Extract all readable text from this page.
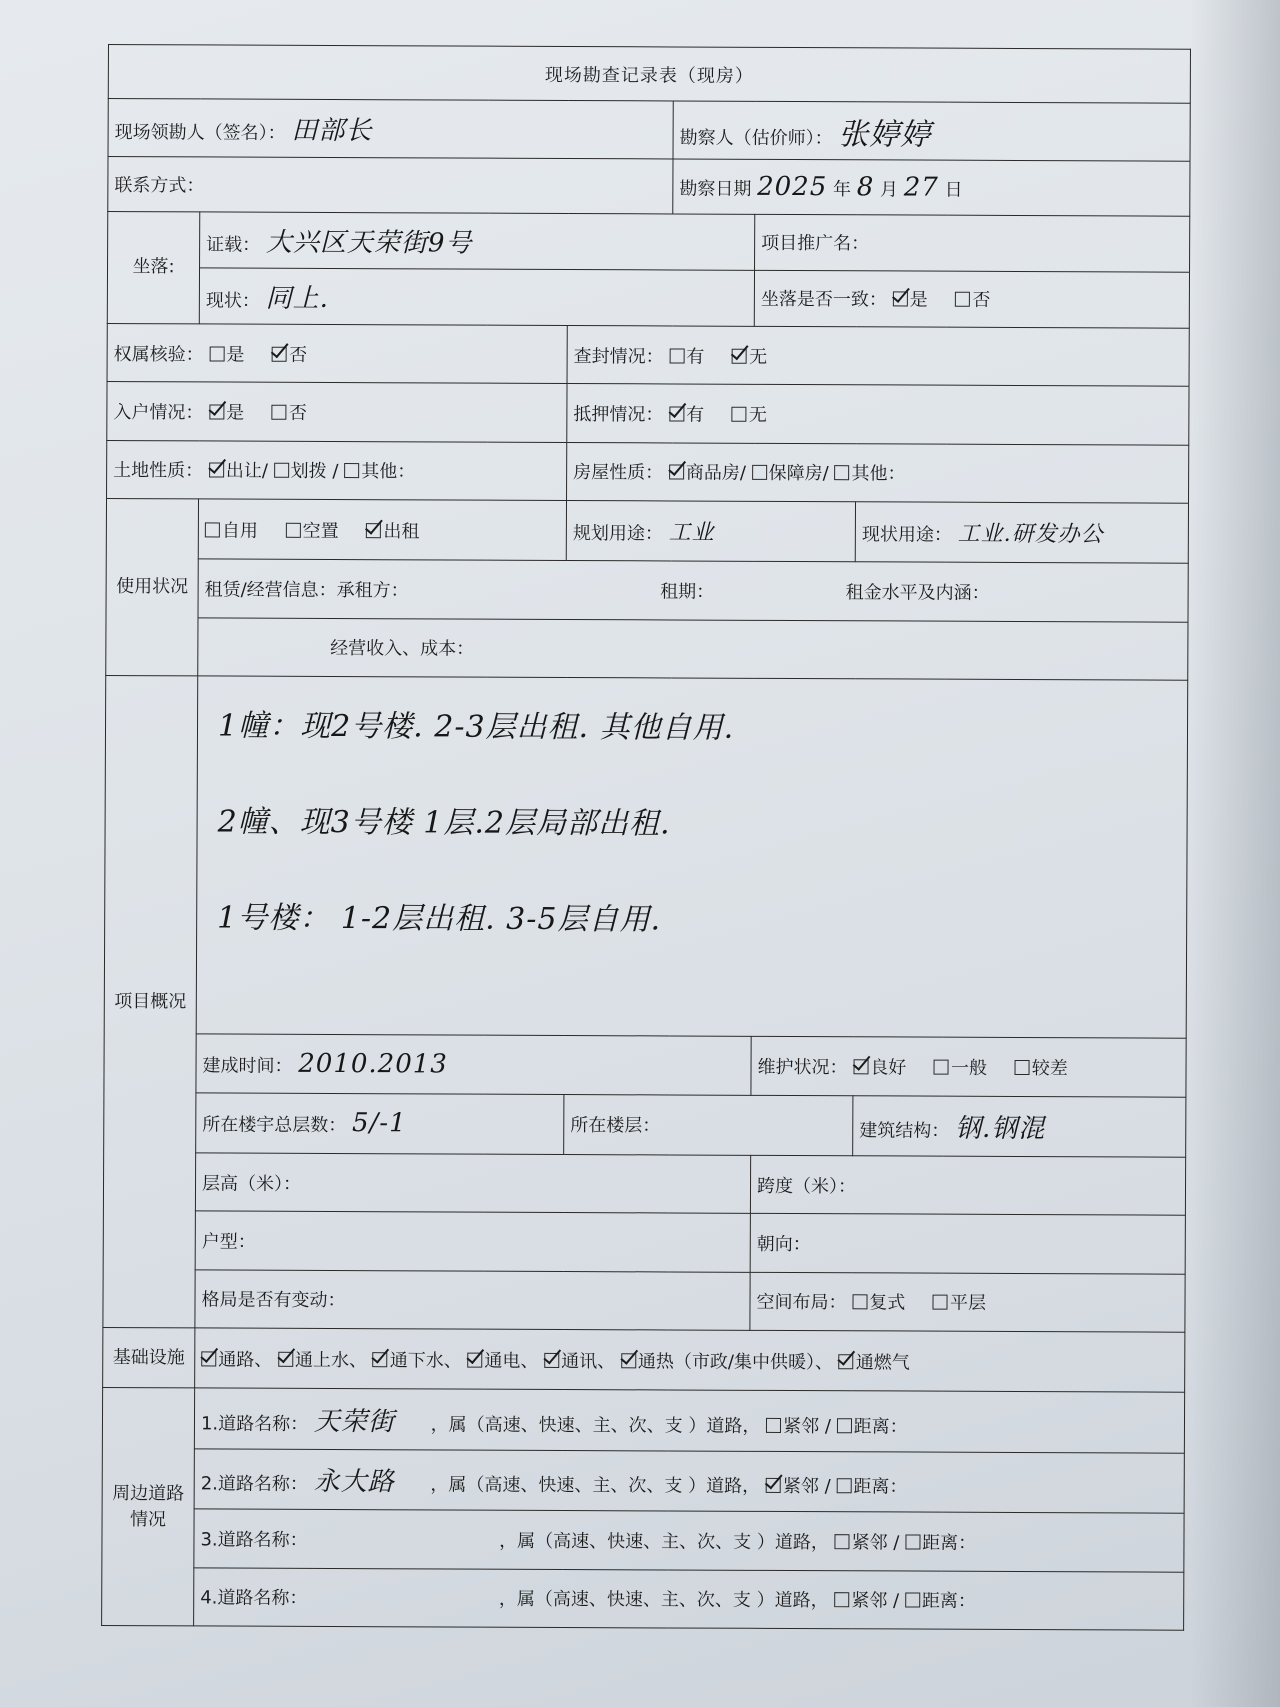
现场勘查记录表（现房）					
现场领勘人（签名）： 田部长			勘察人（估价师）： 张婷婷		
联系方式：			勘察日期 2025 年 8 月 27 日		
坐落:	证载： 大兴区天荣街9号			项目推广名：	
	现状： 同上.			坐落是否一致： 是 否	
权属核验： 是 否		查封情况： 有 无			
入户情况： 是 否		抵押情况： 有 无			
土地性质： 出让/ 划拨 / 其他：		房屋性质： 商品房/ 保障房/ 其他：			
使用状况	自用 空置 出租	规划用途： 工业			现状用途： 工业.研发办公
	租赁/经营信息：承租方： 租期： 租金水平及内涵：				
	经营收入、成本：				
项目概况	1幢：现2号楼. 2-3层出租. 其他自用.
2幢、现3号楼 1层.2层局部出租.
1号楼： 1-2层出租. 3-5层自用.				

	建成时间： 2010.2013			维护状况： 良好 一般 较差	
	所在楼宇总层数： 5/-1	所在楼层：			建筑结构： 钢.钢混
	层高（米）：			跨度（米）：	
	户型：			朝向：	
	格局是否有变动：			空间布局： 复式 平层	
基础设施	通路、 通上水、 通下水、 通电、 通讯、 通热（市政/集中供暖）、 通燃气				
周边道路情况	1.道路名称： 天荣街 ，属（高速、快速、主、次、支 ）道路， 紧邻 / 距离：				
	2.道路名称： 永大路 ，属（高速、快速、主、次、支 ）道路， 紧邻 / 距离：				
	3.道路名称： ，属（高速、快速、主、次、支 ）道路， 紧邻 / 距离：				
	4.道路名称： ，属（高速、快速、主、次、支 ）道路， 紧邻 / 距离：				
